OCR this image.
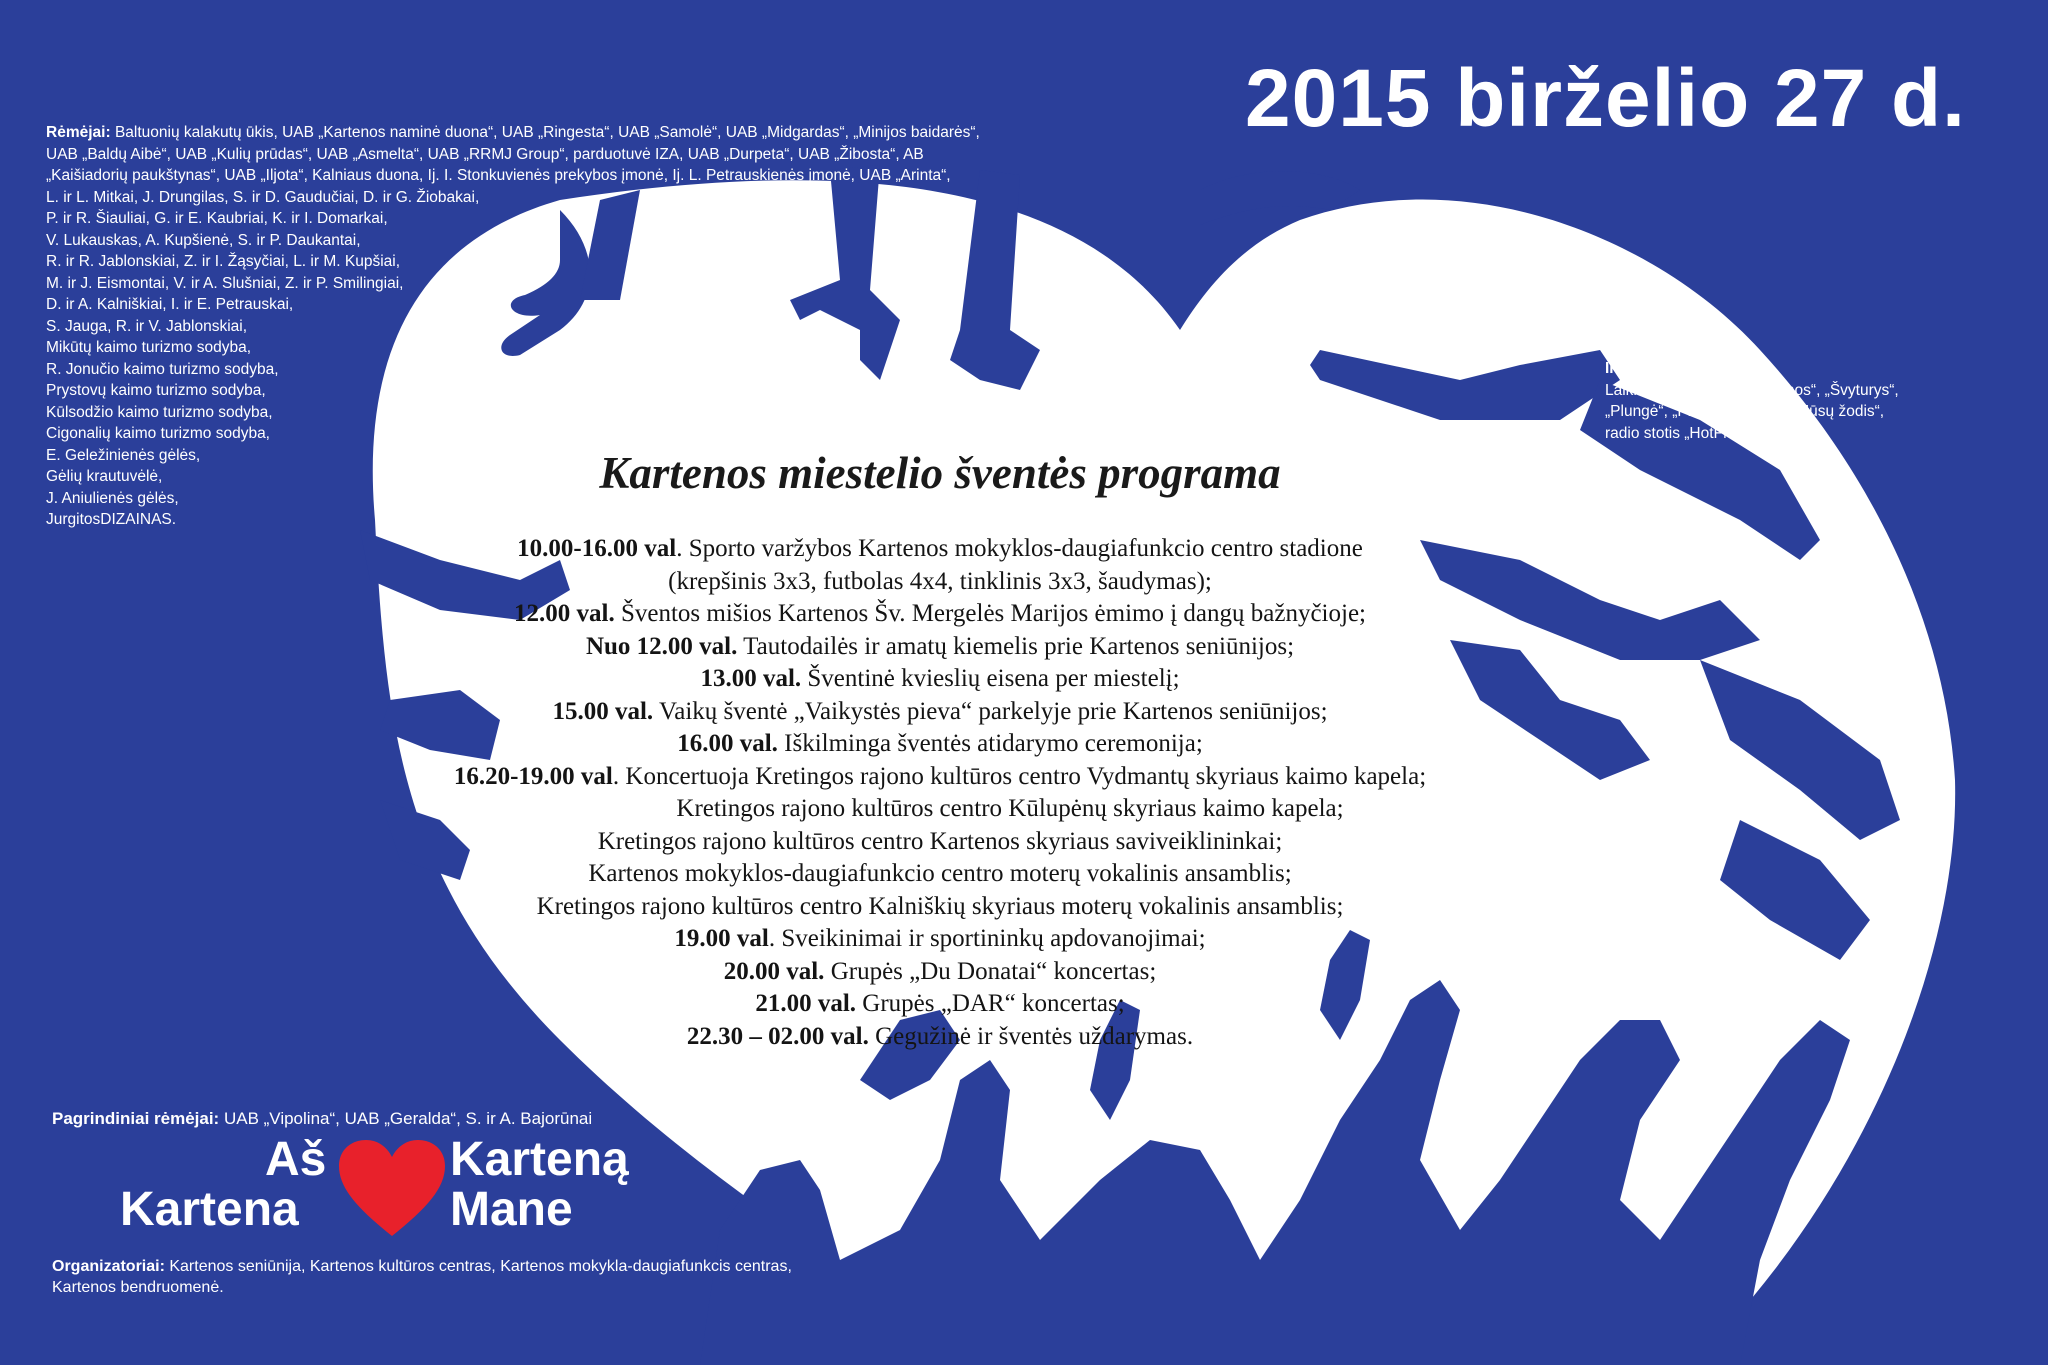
2015 birželio 27 d.
Rėmėjai: Baltuonių kalakutų ūkis, UAB „Kartenos naminė duona“, UAB „Ringesta“, UAB „Samolė“, UAB „Midgardas“, „Minijos baidarės“,
UAB „Baldų Aibė“, UAB „Kulių prūdas“, UAB „Asmelta“, UAB „RRMJ Group“, parduotuvė IZA, UAB „Durpeta“, UAB „Žibosta“, AB
„Kaišiadorių paukštynas“, UAB „Iljota“, Kalniaus duona, Ij. I. Stonkuvienės prekybos įmonė, Ij. L. Petrauskienės įmonė, UAB „Arinta“,
L. ir L. Mitkai, J. Drungilas, S. ir D. Gaudučiai, D. ir G. Žiobakai,
P. ir R. Šiauliai, G. ir E. Kaubriai, K. ir I. Domarkai,
V. Lukauskas, A. Kupšienė, S. ir P. Daukantai,
R. ir R. Jablonskiai, Z. ir I. Žąsyčiai, L. ir M. Kupšiai,
M. ir J. Eismontai, V. ir A. Slušniai, Z. ir P. Smilingiai,
D. ir A. Kalniškiai, I. ir E. Petrauskai,
S. Jauga, R. ir V. Jablonskiai,
Mikūtų kaimo turizmo sodyba,
R. Jonučio kaimo turizmo sodyba,
Prystovų kaimo turizmo sodyba,
Kūlsodžio kaimo turizmo sodyba,
Cigonalių kaimo turizmo sodyba,
E. Geležinienės gėlės,
Gėlių krautuvėlė,
J. Aniulienės gėlės,
JurgitosDIZAINAS.
Informaciniai rėmėjai:
Laikraščiai: „Pajūrio naujienos“, „Švyturys“,
„Plungė“, „Plungės žinios“, „Mūsų žodis“,
radio stotis „HotFM“.
Kartenos miestelio šventės programa
10.00-16.00 val. Sporto varžybos Kartenos mokyklos-daugiafunkcio centro stadione
(krepšinis 3x3, futbolas 4x4, tinklinis 3x3, šaudymas);
12.00 val. Šventos mišios Kartenos Šv. Mergelės Marijos ėmimo į dangų bažnyčioje;
Nuo 12.00 val. Tautodailės ir amatų kiemelis prie Kartenos seniūnijos;
13.00 val. Šventinė kvieslių eisena per miestelį;
15.00 val. Vaikų šventė „Vaikystės pieva“ parkelyje prie Kartenos seniūnijos;
16.00 val. Iškilminga šventės atidarymo ceremonija;
16.20-19.00 val. Koncertuoja Kretingos rajono kultūros centro Vydmantų skyriaus kaimo kapela;
Kretingos rajono kultūros centro Kūlupėnų skyriaus kaimo kapela;
Kretingos rajono kultūros centro Kartenos skyriaus saviveiklininkai;
Kartenos mokyklos-daugiafunkcio centro moterų vokalinis ansamblis;
Kretingos rajono kultūros centro Kalniškių skyriaus moterų vokalinis ansamblis;
19.00 val. Sveikinimai ir sportininkų apdovanojimai;
20.00 val. Grupės „Du Donatai“ koncertas;
21.00 val. Grupės „DAR“ koncertas;
22.30 – 02.00 val. Gegužinė ir šventės uždarymas.
Pagrindiniai rėmėjai: UAB „Vipolina“, UAB „Geralda“, S. ir A. Bajorūnai
Aš
Kartena
Karteną
Mane
Organizatoriai: Kartenos seniūnija, Kartenos kultūros centras, Kartenos mokykla-daugiafunkcis centras,
Kartenos bendruomenė.
